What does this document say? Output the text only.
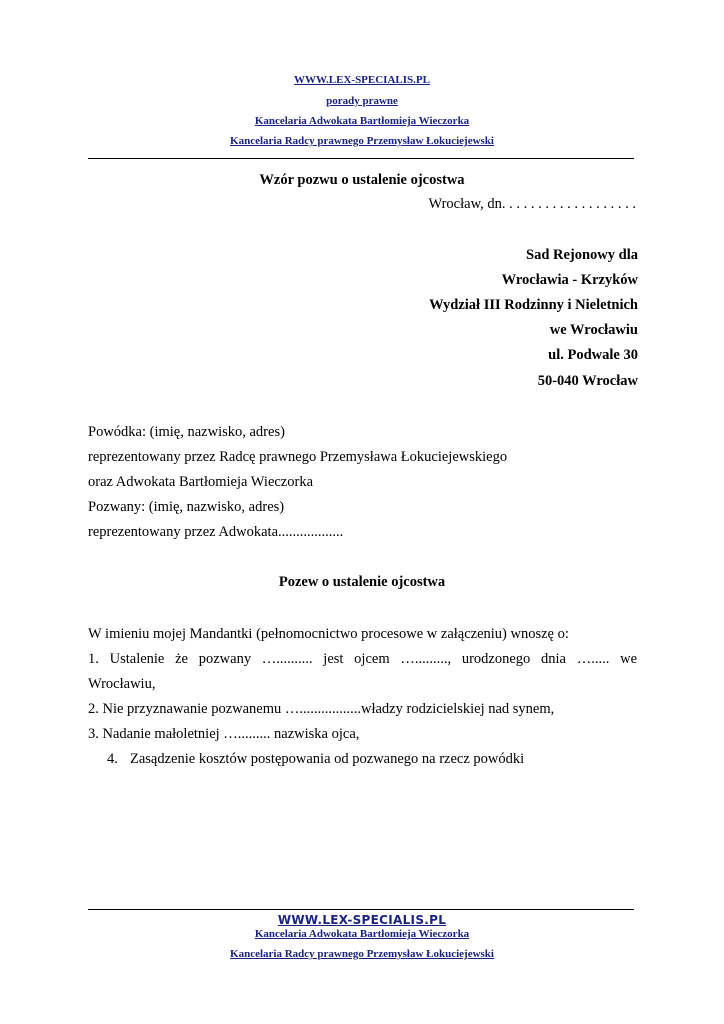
WWW.LEX-SPECIALIS.PL
porady prawne
Kancelaria Adwokata Bartłomieja Wieczorka
Kancelaria Radcy prawnego Przemysław Łokuciejewski
Wzór pozwu o ustalenie ojcostwa
Wrocław, dn. . . . . . . . . . . . . . . . . . .
Sad Rejonowy dla
Wrocławia - Krzyków
Wydział III Rodzinny i Nieletnich
we Wrocławiu
ul. Podwale 30
50-040 Wrocław
Powódka: (imię, nazwisko, adres)
reprezentowany przez Radcę prawnego Przemysława Łokuciejewskiego
oraz Adwokata Bartłomieja Wieczorka
Pozwany: (imię, nazwisko, adres)
reprezentowany przez Adwokata..................
Pozew o ustalenie ojcostwa
W imieniu mojej Mandantki (pełnomocnictwo procesowe w załączeniu) wnoszę o:
1. Ustalenie że pozwany ….......... jest ojcem …........., urodzonego dnia …..... we
Wrocławiu,
2. Nie przyznawanie pozwanemu ….................władzy rodzicielskiej nad synem,
3. Nadanie małoletniej …......... nazwiska ojca,
4. Zasądzenie kosztów postępowania od pozwanego na rzecz powódki
WWW.LEX-SPECIALIS.PL
Kancelaria Adwokata Bartłomieja Wieczorka
Kancelaria Radcy prawnego Przemysław Łokuciejewski
